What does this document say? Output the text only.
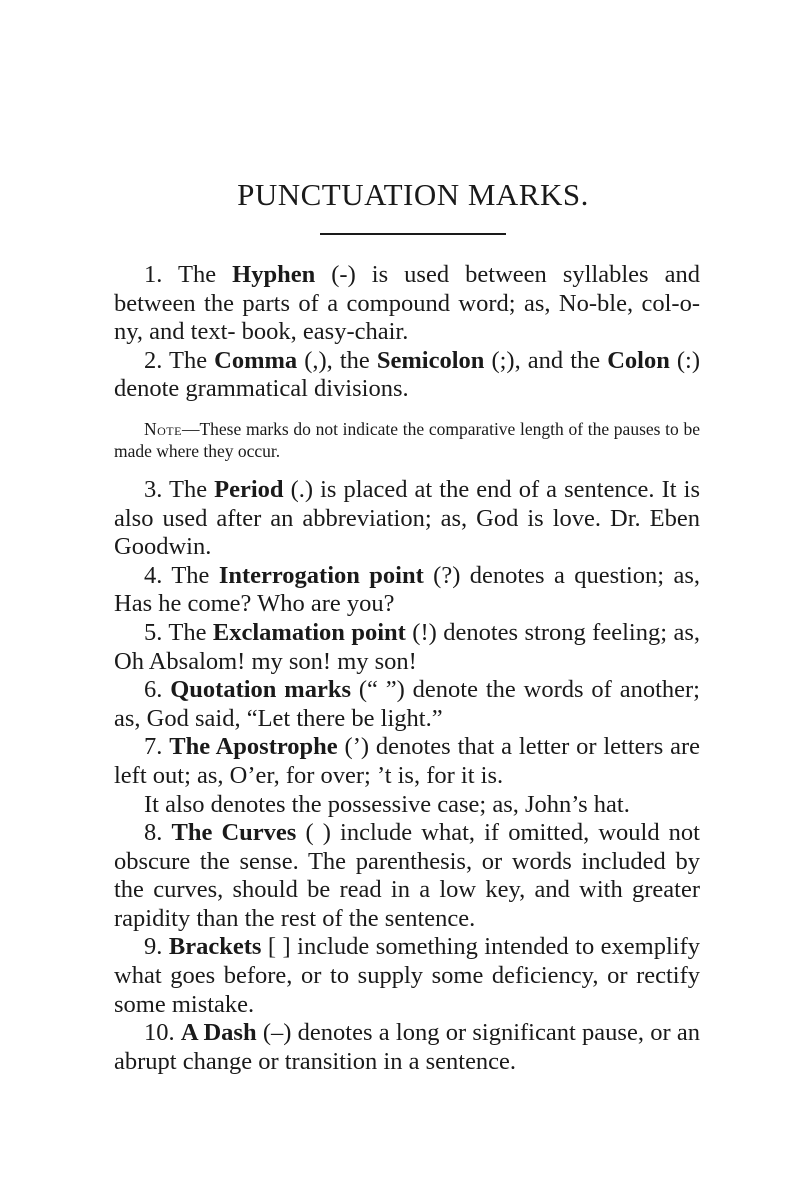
PUNCTUATION MARKS.

1. The Hyphen (-) is used between syllables and between the parts of a compound word; as, No-ble, col-o-ny, and text- book, easy-chair.

2. The Comma (,), the Semicolon (;), and the Colon (:) denote grammatical divisions.

Note—These marks do not indicate the comparative length of the pauses to be made where they occur.

3. The Period (.) is placed at the end of a sentence. It is also used after an abbreviation; as, God is love. Dr. Eben Goodwin.

4. The Interrogation point (?) denotes a question; as, Has he come? Who are you?

5. The Exclamation point (!) denotes strong feeling; as, Oh Absalom! my son! my son!

6. Quotation marks (“ ”) denote the words of another; as, God said, “Let there be light.”

7. The Apostrophe (’) denotes that a letter or letters are left out; as, O’er, for over; ’t is, for it is.

It also denotes the possessive case; as, John’s hat.

8. The Curves ( ) include what, if omitted, would not obscure the sense. The parenthesis, or words included by the curves, should be read in a low key, and with greater rapidity than the rest of the sentence.

9. Brackets [ ] include something intended to exemplify what goes before, or to supply some deficiency, or rectify some mistake.

10. A Dash (–) denotes a long or significant pause, or an abrupt change or transition in a sentence.
